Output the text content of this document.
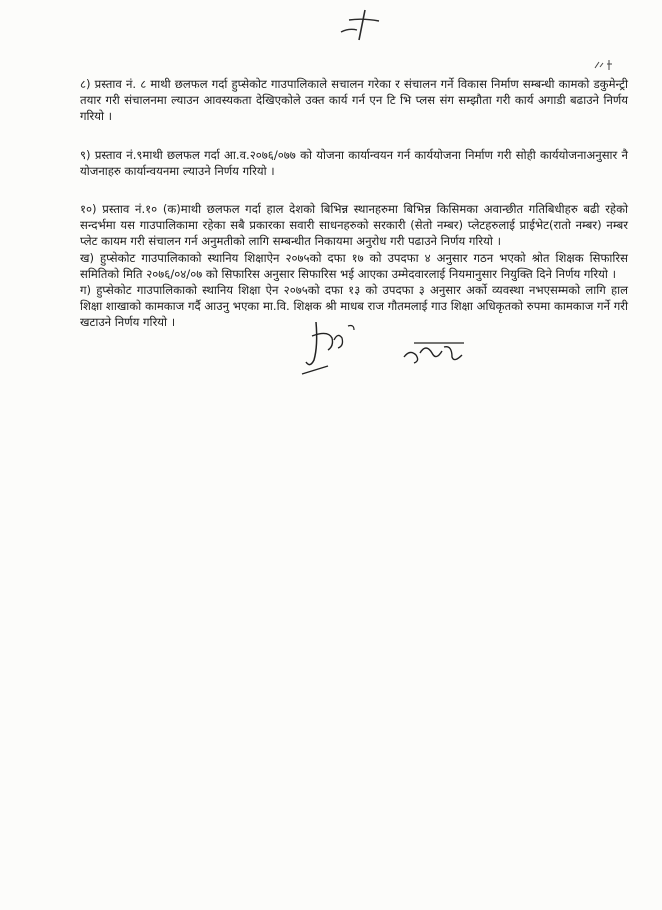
८) प्रस्ताव नं. ८ माथी छलफल गर्दा हुप्सेकोट गाउपालिकाले सचालन गरेका र संचालन गर्ने विकास निर्माण सम्बन्धी कामको डकुमेन्ट्री तयार गरी संचालनमा ल्याउन आवस्यकता देखिएकोले उक्त कार्य गर्न एन टि भि प्लस संग सम्झौता गरी कार्य अगाडी बढाउने निर्णय गरियो ।

९) प्रस्ताव नं.९माथी छलफल गर्दा आ.व.२०७६/०७७ को योजना कार्यान्वयन गर्न कार्ययोजना निर्माण गरी सोही कार्ययोजनाअनुसार नै योजनाहरु कार्यान्वयनमा ल्याउने निर्णय गरियो ।

१०) प्रस्ताव नं.१० (क)माथी छलफल गर्दा हाल देशको बिभिन्न स्थानहरुमा बिभिन्न किसिमका अवान्छीत गतिबिधीहरु बढी रहेको सन्दर्भमा यस गाउपालिकामा रहेका सबै प्रकारका सवारी साधनहरुको सरकारी (सेतो नम्बर) प्लेटहरुलाई प्राईभेट(रातो नम्बर) नम्बर प्लेट कायम गरी संचालन गर्न अनुमतीको लागि सम्बन्धीत निकायमा अनुरोध गरी पढाउने निर्णय गरियो ।

ख) हुप्सेकोट गाउपालिकाको स्थानिय शिक्षाऐन २०७५को दफा १७ को उपदफा ४ अनुसार गठन भएको श्रोत शिक्षक सिफारिस समितिको मिति २०७६/०४/०७ को सिफारिस अनुसार सिफारिस भई आएका उम्मेदवारलाई नियमानुसार नियुक्ति दिने निर्णय गरियो ।

ग) हुप्सेकोट गाउपालिकाको स्थानिय शिक्षा ऐन २०७५को दफा १३ को उपदफा ३ अनुसार अर्को व्यवस्था नभएसम्मको लागि हाल शिक्षा शाखाको कामकाज गर्दै आउनु भएका मा.वि. शिक्षक श्री माधब राज गौतमलाई गाउ शिक्षा अधिकृतको रुपमा कामकाज गर्ने गरी खटाउने निर्णय गरियो ।
